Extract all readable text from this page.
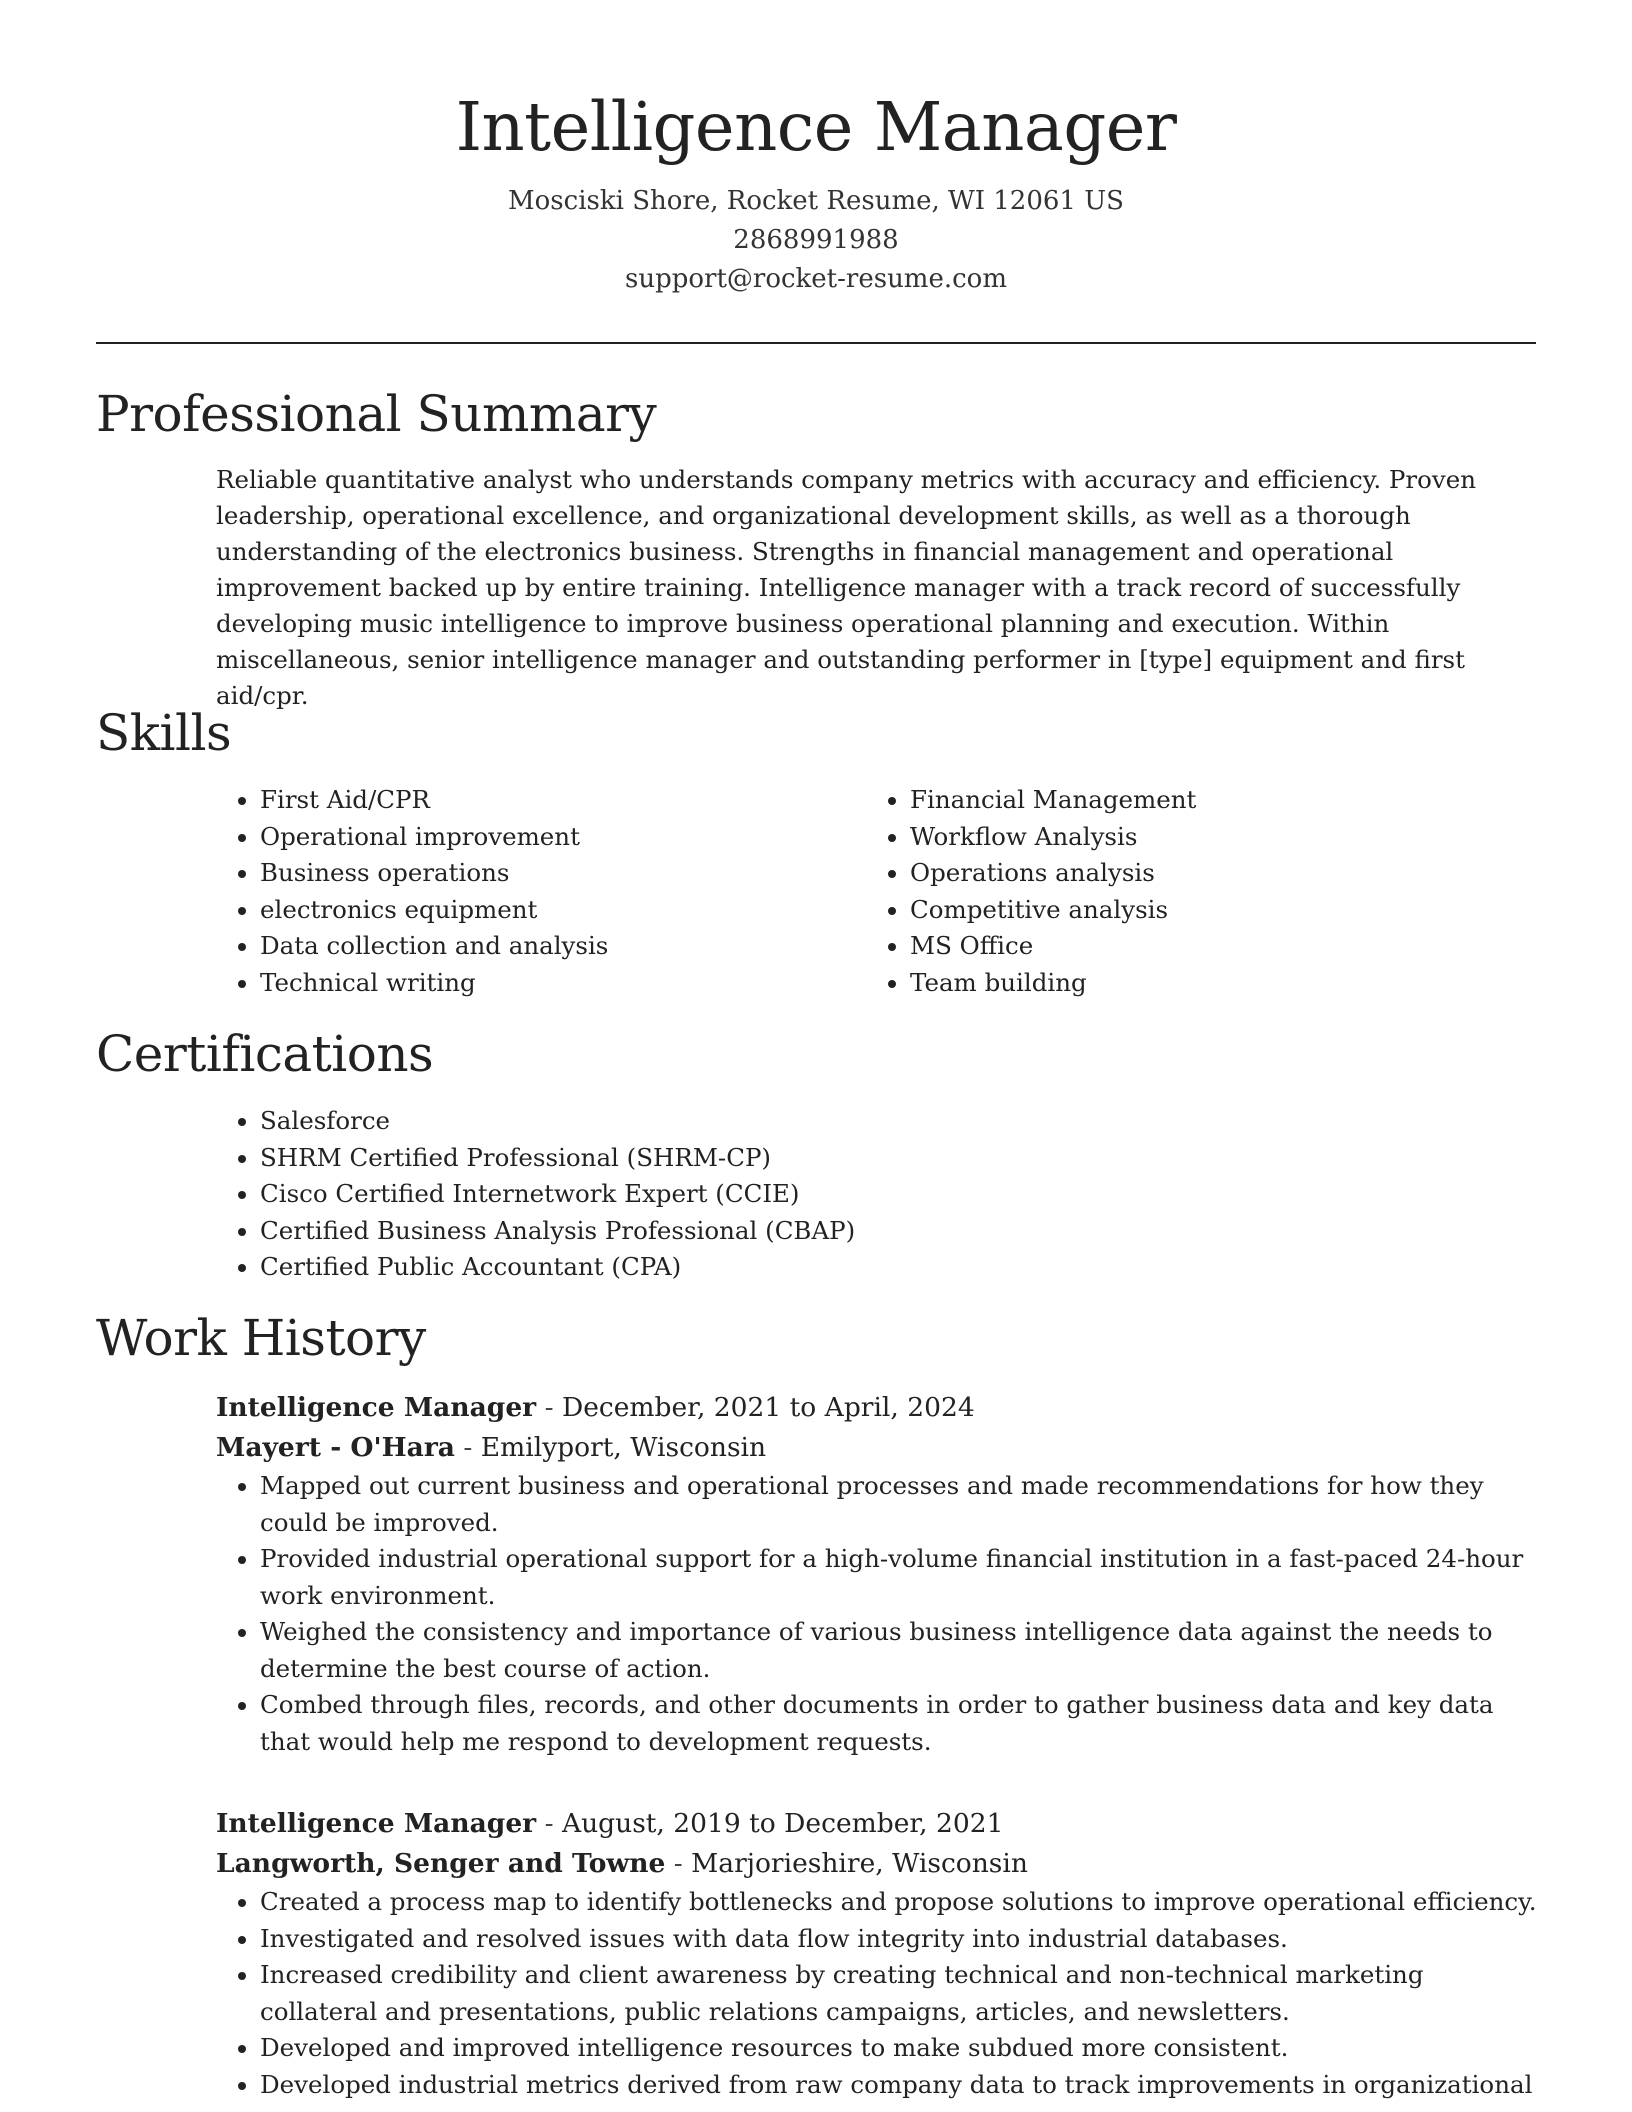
Intelligence Manager
Mosciski Shore, Rocket Resume, WI 12061 US
2868991988
support@rocket-resume.com
Professional Summary

Reliable quantitative analyst who understands company metrics with accuracy and efficiency. Proven leadership, operational excellence, and organizational development skills, as well as a thorough understanding of the electronics business. Strengths in financial management and operational improvement backed up by entire training. Intelligence manager with a track record of successfully developing music intelligence to improve business operational planning and execution. Within miscellaneous, senior intelligence manager and outstanding performer in [type] equipment and first aid/cpr.

Skills
• First Aid/CPR
• Operational improvement
• Business operations
• electronics equipment
• Data collection and analysis
• Technical writing
• Financial Management
• Workflow Analysis
• Operations analysis
• Competitive analysis
• MS Office
• Team building
Certifications
• Salesforce
• SHRM Certified Professional (SHRM-CP)
• Cisco Certified Internetwork Expert (CCIE)
• Certified Business Analysis Professional (CBAP)
• Certified Public Accountant (CPA)
Work History
Intelligence Manager - December, 2021 to April, 2024
Mayert - O'Hara - Emilyport, Wisconsin
• Mapped out current business and operational processes and made recommendations for how they could be improved.
• Provided industrial operational support for a high-volume financial institution in a fast-paced 24-hour work environment.
• Weighed the consistency and importance of various business intelligence data against the needs to determine the best course of action.
• Combed through files, records, and other documents in order to gather business data and key data that would help me respond to development requests.
Intelligence Manager - August, 2019 to December, 2021
Langworth, Senger and Towne - Marjorieshire, Wisconsin
• Created a process map to identify bottlenecks and propose solutions to improve operational efficiency.
• Investigated and resolved issues with data flow integrity into industrial databases.
• Increased credibility and client awareness by creating technical and non-technical marketing collateral and presentations, public relations campaigns, articles, and newsletters.
• Developed and improved intelligence resources to make subdued more consistent.
• Developed industrial metrics derived from raw company data to track improvements in organizational
